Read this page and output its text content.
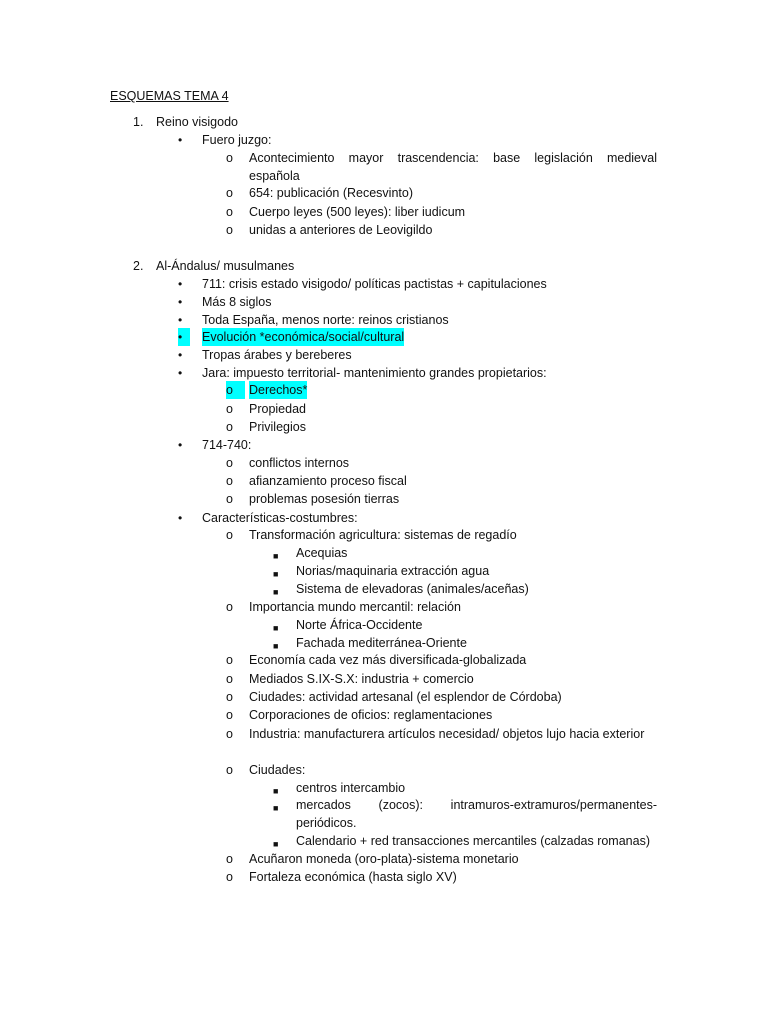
ESQUEMAS TEMA 4
1. Reino visigodo
• Fuero juzgo:
o Acontecimiento mayor trascendencia: base legislación medieval española
o 654: publicación (Recesvinto)
o Cuerpo leyes (500 leyes): liber iudicum
o unidas a anteriores de Leovigildo
2. Al-Ándalus/ musulmanes
• 711: crisis estado visigodo/ políticas pactistas + capitulaciones
• Más 8 siglos
• Toda España, menos norte: reinos cristianos
•	Evolución *económica/social/cultural
• Tropas árabes y bereberes
• Jara: impuesto territorial- mantenimiento grandes propietarios:
o	Derechos*
o Propiedad
o Privilegios
• 714-740:
o conflictos internos
o afianzamiento proceso fiscal
o problemas posesión tierras
• Características-costumbres:
o Transformación agricultura: sistemas de regadío
■ Acequias
■ Norias/maquinaria extracción agua
■ Sistema de elevadoras (animales/aceñas)
o Importancia mundo mercantil: relación
■ Norte África-Occidente
■ Fachada mediterránea-Oriente
o Economía cada vez más diversificada-globalizada
o Mediados S.IX-S.X: industria + comercio
o Ciudades: actividad artesanal (el esplendor de Córdoba)
o Corporaciones de oficios: reglamentaciones
o Industria: manufacturera artículos necesidad/ objetos lujo hacia exterior
o Ciudades:
■ centros intercambio
■ mercados (zocos): intramuros-extramuros/permanentes-periódicos.
■ Calendario + red transacciones mercantiles (calzadas romanas)
o Acuñaron moneda (oro-plata)-sistema monetario
o Fortaleza económica (hasta siglo XV)
